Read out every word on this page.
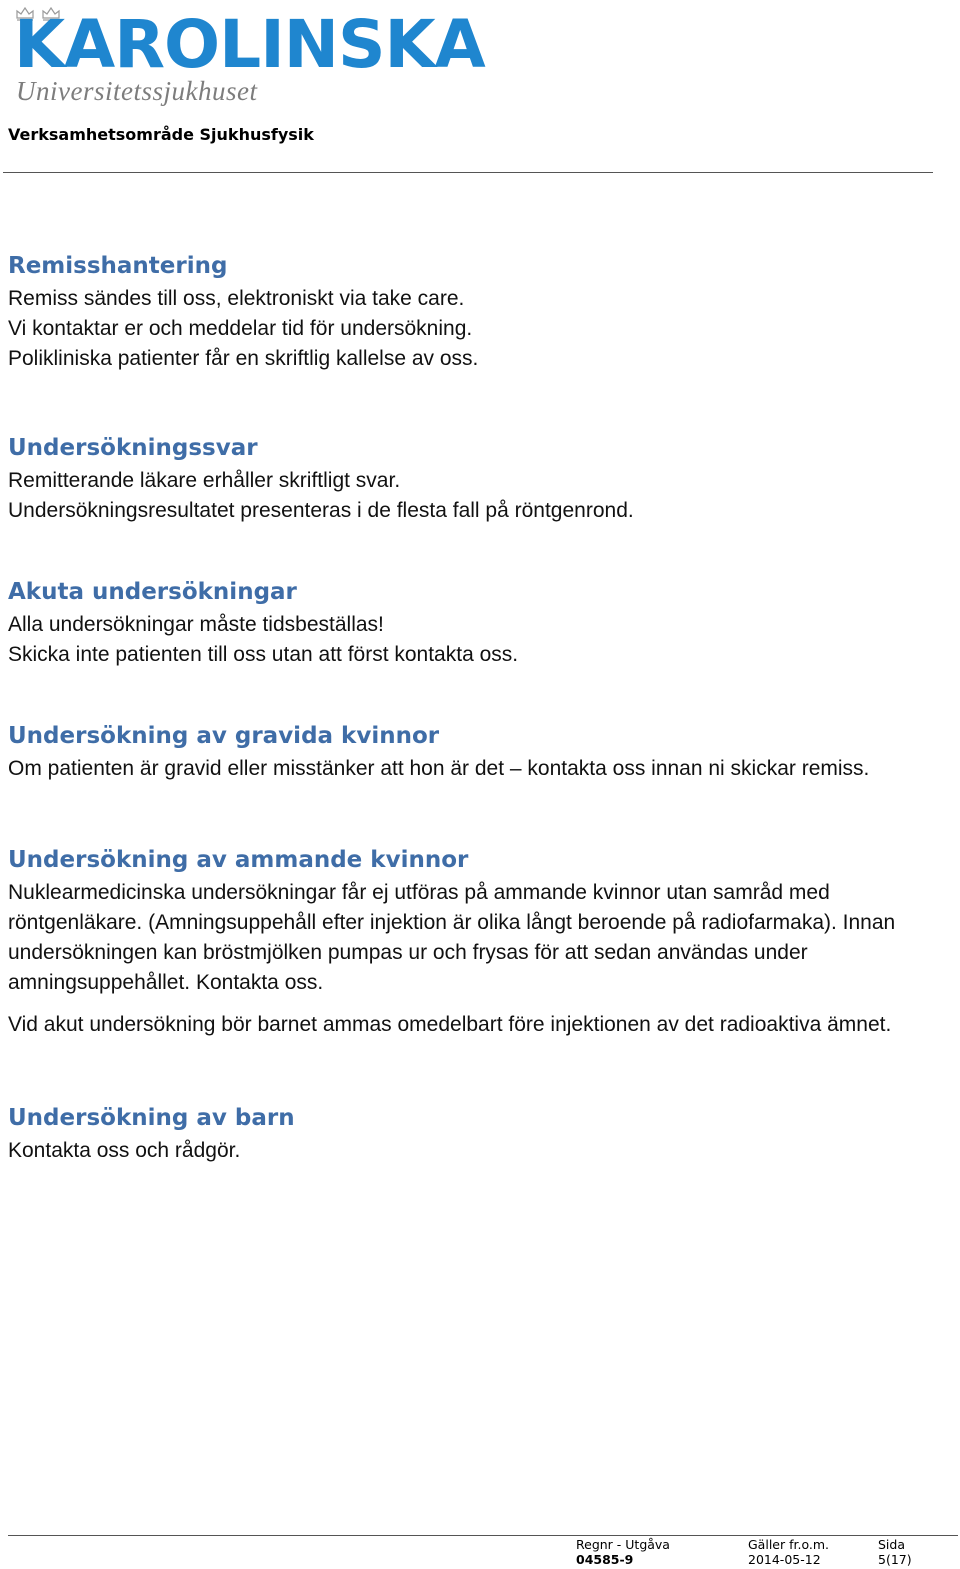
KAROLINSKA
Universitetssjukhuset
Verksamhetsområde Sjukhusfysik
Remisshantering

Remiss sändes till oss, elektroniskt via take care.

Vi kontaktar er och meddelar tid för undersökning.

Polikliniska patienter får en skriftlig kallelse av oss.

Undersökningssvar

Remitterande läkare erhåller skriftligt svar.

Undersökningsresultatet presenteras i de flesta fall på röntgenrond.

Akuta undersökningar

Alla undersökningar måste tidsbeställas!

Skicka inte patienten till oss utan att först kontakta oss.

Undersökning av gravida kvinnor

Om patienten är gravid eller misstänker att hon är det – kontakta oss innan ni skickar remiss.

Undersökning av ammande kvinnor

Nuklearmedicinska undersökningar får ej utföras på ammande kvinnor utan samråd med röntgenläkare. (Amningsuppehåll efter injektion är olika långt beroende på radiofarmaka). Innan undersökningen kan bröstmjölken pumpas ur och frysas för att sedan användas under amningsuppehållet. Kontakta oss.

Vid akut undersökning bör barnet ammas omedelbart före injektionen av det radioaktiva ämnet.

Undersökning av barn

Kontakta oss och rådgör.

Regnr - Utgåva
04585-9
Gäller fr.o.m.
2014-05-12
Sida
5(17)
